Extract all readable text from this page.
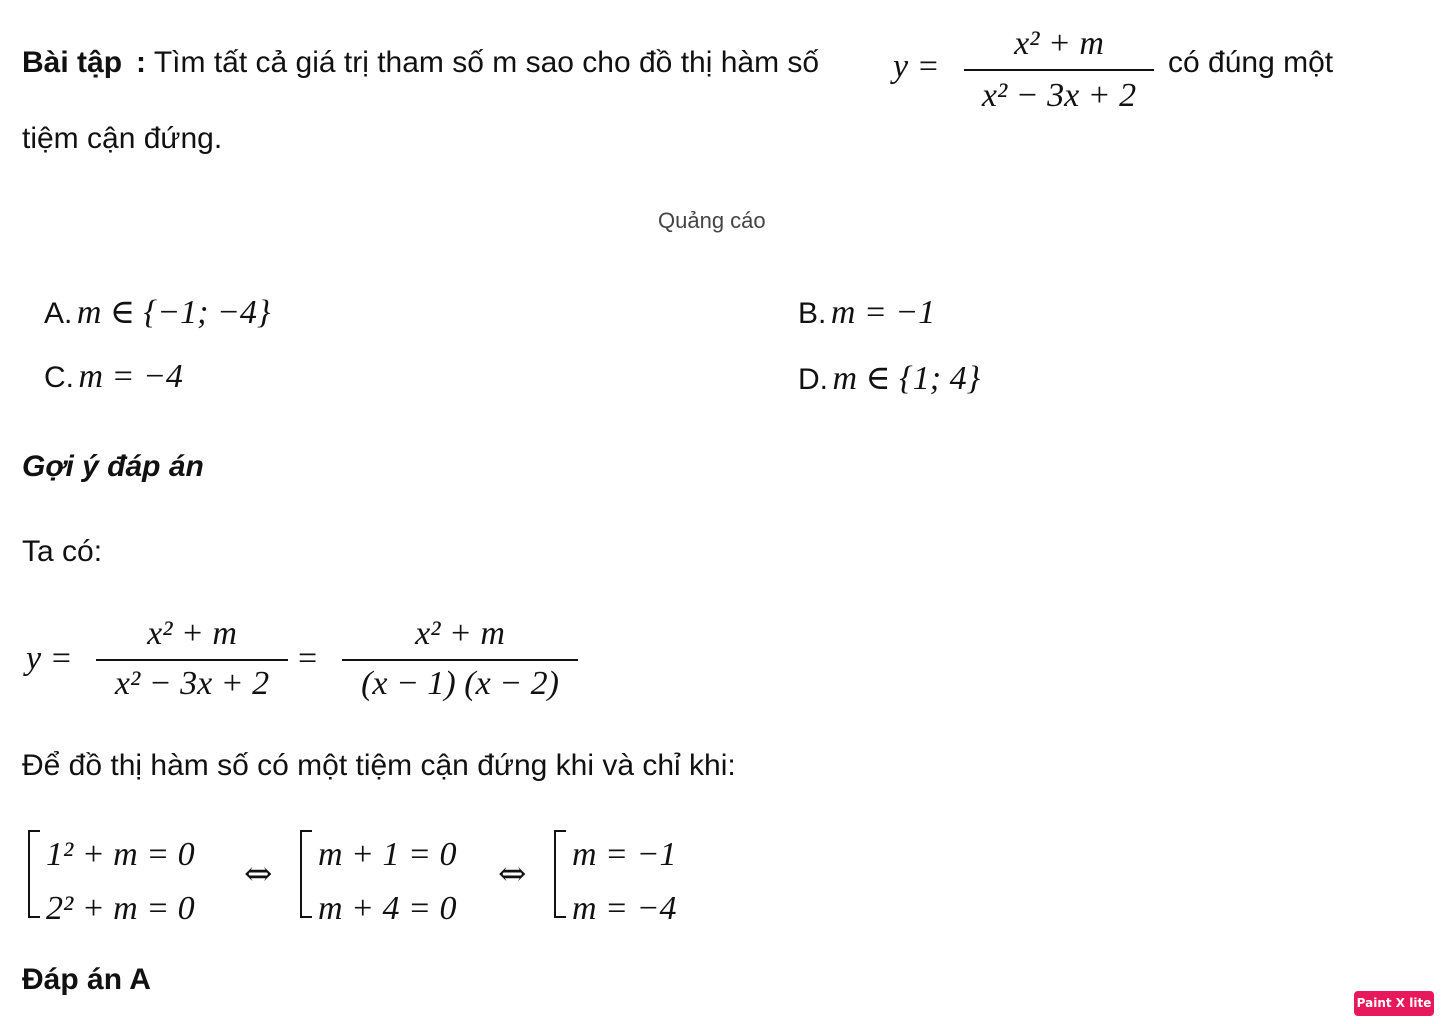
Bài tập : Tìm tất cả giá trị tham số m sao cho đồ thị hàm số y =
x² + m
x² − 3x + 2
có đúng một
tiệm cận đứng.
Quảng cáo
A. m ∈ {−1; −4}	B. m = −1
C. m = −4	D. m ∈ {1; 4}
Gợi ý đáp án
Ta có:
y =
x² + m
x² − 3x + 2
=
x² + m
(x − 1) (x − 2)
Để đồ thị hàm số có một tiệm cận đứng khi và chỉ khi:
1² + m = 0
2² + m = 0
⇔ m + 1 = 0
m + 4 = 0
⇔ m = −1
m = −4
Đáp án A
Paint X lite
